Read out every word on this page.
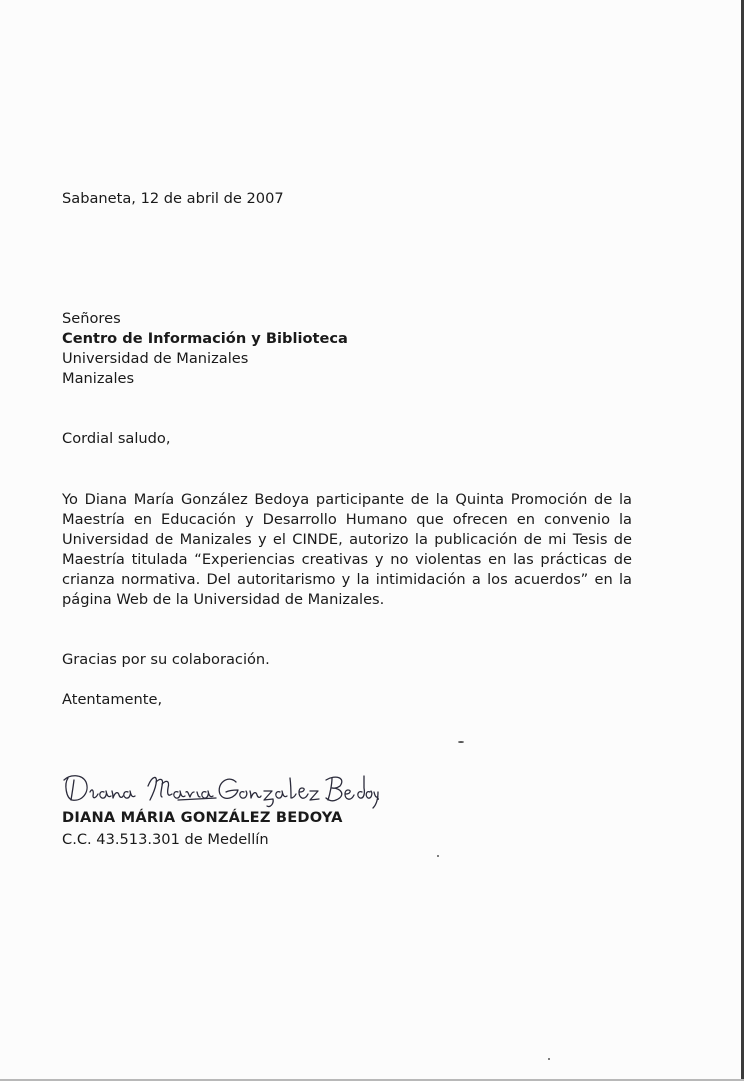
Sabaneta, 12 de abril de 2007
Señores
Centro de Información y Biblioteca
Universidad de Manizales
Manizales
Cordial saludo,
Yo Diana María González Bedoya participante de la Quinta Promoción de la
Maestría en Educación y Desarrollo Humano que ofrecen en convenio la
Universidad de Manizales y el CINDE, autorizo la publicación de mi Tesis de
Maestría titulada “Experiencias creativas y no violentas en las prácticas de
crianza normativa. Del autoritarismo y la intimidación a los acuerdos” en la
página Web de la Universidad de Manizales.
Gracias por su colaboración.
Atentamente,
DIANA MÁRIA GONZÁLEZ BEDOYA
C.C. 43.513.301 de Medellín
